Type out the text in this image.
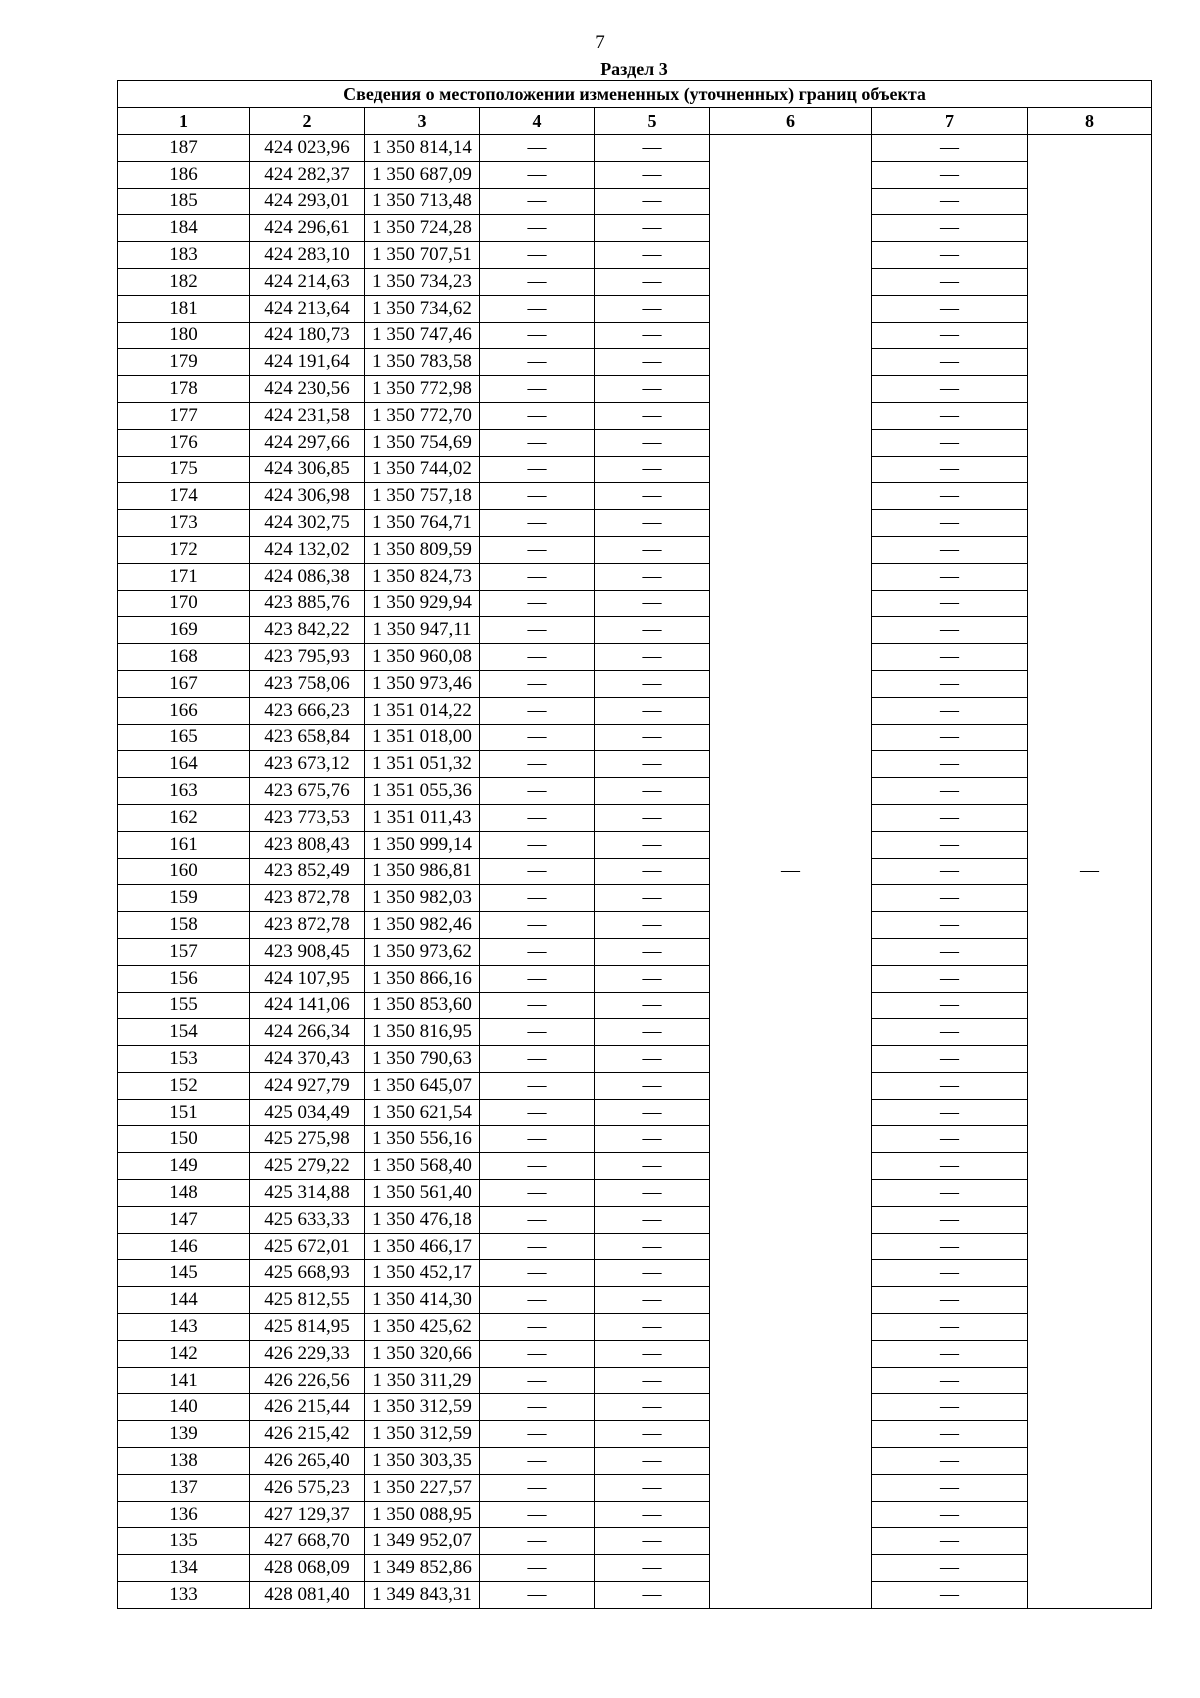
7
Раздел 3
Сведения о местоположении измененных (уточненных) границ объекта							
1	2	3	4	5	6	7	8
187	424 023,96	1 350 814,14	—	—	—	—	—
186	424 282,37	1 350 687,09	—	—		—	
185	424 293,01	1 350 713,48	—	—		—	
184	424 296,61	1 350 724,28	—	—		—	
183	424 283,10	1 350 707,51	—	—		—	
182	424 214,63	1 350 734,23	—	—		—	
181	424 213,64	1 350 734,62	—	—		—	
180	424 180,73	1 350 747,46	—	—		—	
179	424 191,64	1 350 783,58	—	—		—	
178	424 230,56	1 350 772,98	—	—		—	
177	424 231,58	1 350 772,70	—	—		—	
176	424 297,66	1 350 754,69	—	—		—	
175	424 306,85	1 350 744,02	—	—		—	
174	424 306,98	1 350 757,18	—	—		—	
173	424 302,75	1 350 764,71	—	—		—	
172	424 132,02	1 350 809,59	—	—		—	
171	424 086,38	1 350 824,73	—	—		—	
170	423 885,76	1 350 929,94	—	—		—	
169	423 842,22	1 350 947,11	—	—		—	
168	423 795,93	1 350 960,08	—	—		—	
167	423 758,06	1 350 973,46	—	—		—	
166	423 666,23	1 351 014,22	—	—		—	
165	423 658,84	1 351 018,00	—	—		—	
164	423 673,12	1 351 051,32	—	—		—	
163	423 675,76	1 351 055,36	—	—		—	
162	423 773,53	1 351 011,43	—	—		—	
161	423 808,43	1 350 999,14	—	—		—	
160	423 852,49	1 350 986,81	—	—		—	
159	423 872,78	1 350 982,03	—	—		—	
158	423 872,78	1 350 982,46	—	—		—	
157	423 908,45	1 350 973,62	—	—		—	
156	424 107,95	1 350 866,16	—	—		—	
155	424 141,06	1 350 853,60	—	—		—	
154	424 266,34	1 350 816,95	—	—		—	
153	424 370,43	1 350 790,63	—	—		—	
152	424 927,79	1 350 645,07	—	—		—	
151	425 034,49	1 350 621,54	—	—		—	
150	425 275,98	1 350 556,16	—	—		—	
149	425 279,22	1 350 568,40	—	—		—	
148	425 314,88	1 350 561,40	—	—		—	
147	425 633,33	1 350 476,18	—	—		—	
146	425 672,01	1 350 466,17	—	—		—	
145	425 668,93	1 350 452,17	—	—		—	
144	425 812,55	1 350 414,30	—	—		—	
143	425 814,95	1 350 425,62	—	—		—	
142	426 229,33	1 350 320,66	—	—		—	
141	426 226,56	1 350 311,29	—	—		—	
140	426 215,44	1 350 312,59	—	—		—	
139	426 215,42	1 350 312,59	—	—		—	
138	426 265,40	1 350 303,35	—	—		—	
137	426 575,23	1 350 227,57	—	—		—	
136	427 129,37	1 350 088,95	—	—		—	
135	427 668,70	1 349 952,07	—	—		—	
134	428 068,09	1 349 852,86	—	—		—	
133	428 081,40	1 349 843,31	—	—		—	
